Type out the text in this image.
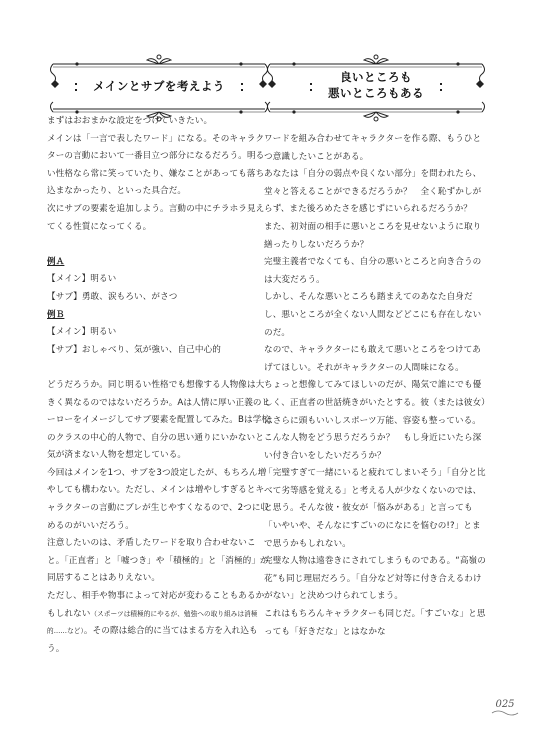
メインとサブを考えよう

まずはおおまかな設定をつけていきたい。

メインは「一言で表したワード」になる。そのキャラクターの言動において一番目立つ部分になるだろう。明るい性格なら常に笑っていたり、嫌なことがあっても落ち込まなかったり、といった具合だ。

次にサブの要素を追加しよう。言動の中にチラホラ見えてくる性質になってくる。

例Ａ

【メイン】明るい

【サブ】勇敢、涙もろい、がさつ

例Ｂ

【メイン】明るい

【サブ】おしゃべり、気が強い、自己中心的

どうだろうか。同じ明るい性格でも想像する人物像は大きく異なるのではないだろうか。Aは人情に厚い正義のヒーローをイメージしてサブ要素を配置してみた。Bは学校のクラスの中心的人物で、自分の思い通りにいかないと気が済まない人物を想定している。

今回はメインを1つ、サブを3つ設定したが、もちろん増やしても構わない。ただし、メインは増やしすぎるとキャラクターの言動にブレが生じやすくなるので、2つに収めるのがいいだろう。

注意したいのは、矛盾したワードを取り合わせないこと。「正直者」と「嘘つき」や「積極的」と「消極的」が同居することはありえない。

ただし、相手や物事によって対応が変わることもあるかもしれない（スポーツは積極的にやるが、勉強への取り組みは消極的……など）。その際は総合的に当てはまる方を入れ込もう。

良いところも
悪いところもある

ワードを組み合わせてキャラクターを作る際、もうひとつ意識したいことがある。

あなたは「自分の弱点や良くない部分」を問われたら、堂々と答えることができるだろうか？　全く恥ずかしがらず、また後ろめたさを感じずにいられるだろうか？　また、初対面の相手に悪いところを見せないように取り繕ったりしないだろうか？

完璧主義者でなくても、自分の悪いところと向き合うのは大変だろう。

しかし、そんな悪いところも踏まえてのあなた自身だし、悪いところが全くない人間などどこにも存在しないのだ。

なので、キャラクターにも敢えて悪いところをつけてあげてほしい。それがキャラクターの人間味になる。

ちょっと想像してみてほしいのだが、陽気で誰にでも優しく、正直者の世話焼きがいたとする。彼（または彼女）はさらに頭もいいしスポーツ万能、容姿も整っている。こんな人物をどう思うだろうか？　もし身近にいたら深い付き合いをしたいだろうか？

「完璧すぎて一緒にいると疲れてしまいそう」「自分と比べて劣等感を覚える」と考える人が少なくないのでは、と思う。そんな彼・彼女が「悩みがある」と言っても「いやいや、そんなにすごいのになにを悩むの!?」とまで思うかもしれない。

完璧な人物は遠巻きにされてしまうものである。“高嶺の花”も同じ理屈だろう。「自分など対等に付き合えるわけがない」と決めつけられてしまう。

これはもちろんキャラクターも同じだ。「すごいな」と思っても「好きだな」とはなかな

025
